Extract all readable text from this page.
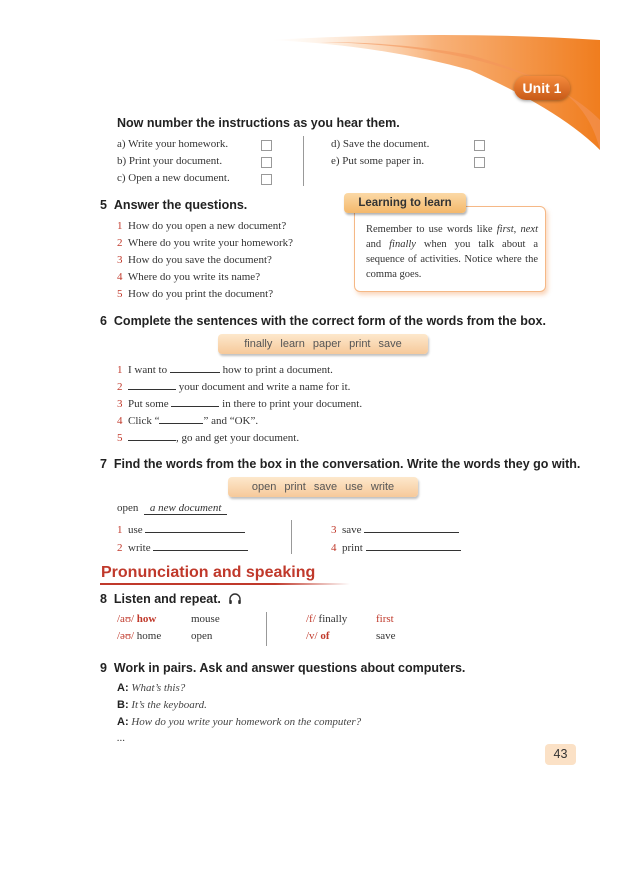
Unit 1
Now number the instructions as you hear them.
a) Write your homework.
b) Print your document.
c) Open a new document.
d) Save the document.
e) Put some paper in.
5 Answer the questions.
1 How do you open a new document?
2 Where do you write your homework?
3 How do you save the document?
4 Where do you write its name?
5 How do you print the document?
Learning to learn
Remember to use words like first, next and finally when you talk about a sequence of activities. Notice where the comma goes.
6 Complete the sentences with the correct form of the words from the box.
finally learn paper print save
1 I want to	how to print a document.
2	your document and write a name for it.
3 Put some	in there to print your document.
4 Click “	” and “OK”.
5	, go and get your document.
7 Find the words from the box in the conversation. Write the words they go with.
open print save use write
open a new document
1 use
2 write
3 save
4 print
Pronunciation and speaking
8 Listen and repeat.
/aʊ/ how	mouse	/f/ finally	first
/əʊ/ home	open	/v/ of	save
9 Work in pairs. Ask and answer questions about computers.
A: What’s this?
B: It’s the keyboard.
A: How do you write your homework on the computer?
...
43
